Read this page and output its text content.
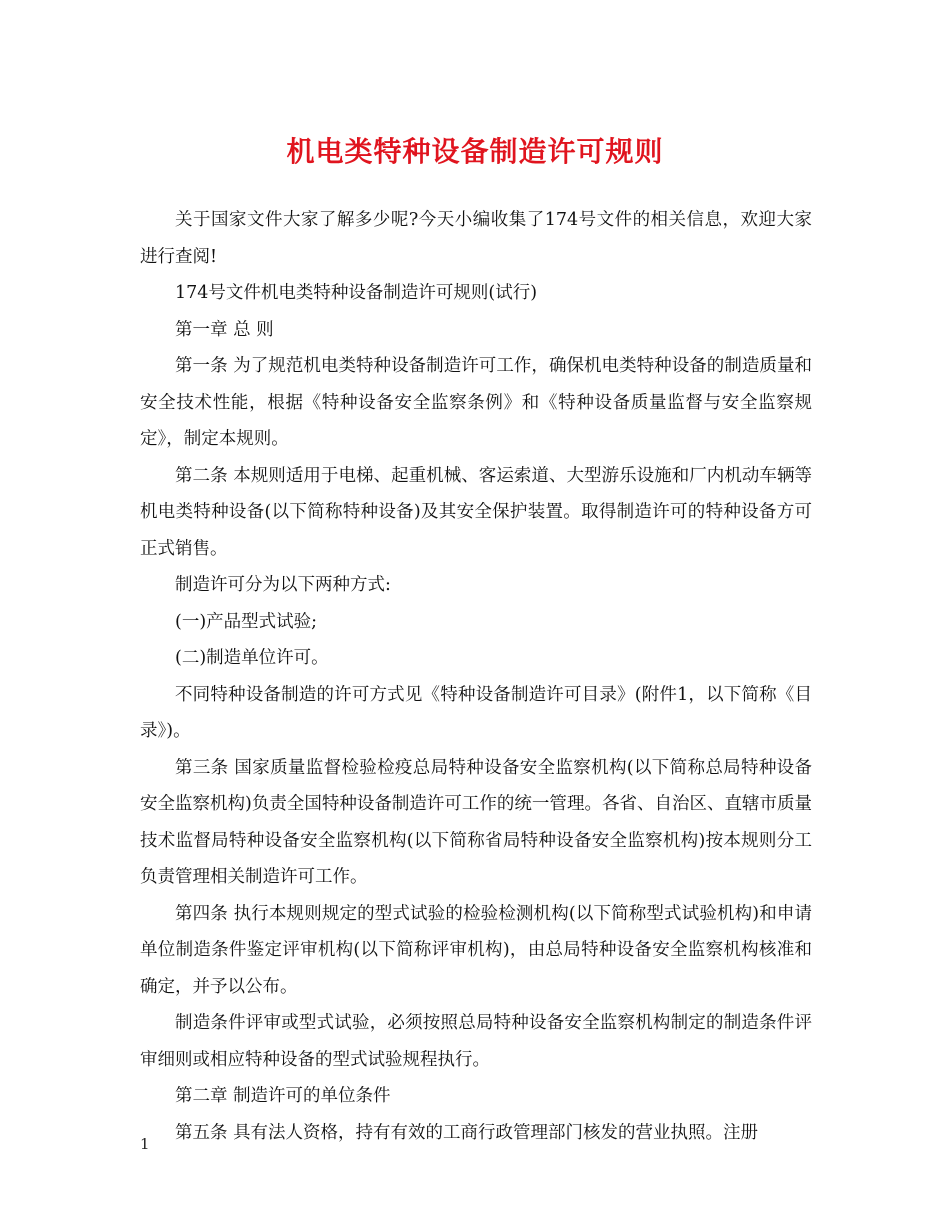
机电类特种设备制造许可规则

关于国家文件大家了解多少呢?今天小编收集了174号文件的相关信息，欢迎大家进行查阅!

174号文件机电类特种设备制造许可规则(试行)

第一章 总 则

第一条 为了规范机电类特种设备制造许可工作，确保机电类特种设备的制造质量和安全技术性能，根据《特种设备安全监察条例》和《特种设备质量监督与安全监察规定》，制定本规则。

第二条 本规则适用于电梯、起重机械、客运索道、大型游乐设施和厂内机动车辆等机电类特种设备(以下简称特种设备)及其安全保护装置。取得制造许可的特种设备方可正式销售。

制造许可分为以下两种方式:

(一)产品型式试验;

(二)制造单位许可。

不同特种设备制造的许可方式见《特种设备制造许可目录》(附件1，以下简称《目录》)。

第三条 国家质量监督检验检疫总局特种设备安全监察机构(以下简称总局特种设备安全监察机构)负责全国特种设备制造许可工作的统一管理。各省、自治区、直辖市质量技术监督局特种设备安全监察机构(以下简称省局特种设备安全监察机构)按本规则分工负责管理相关制造许可工作。

第四条 执行本规则规定的型式试验的检验检测机构(以下简称型式试验机构)和申请单位制造条件鉴定评审机构(以下简称评审机构)，由总局特种设备安全监察机构核准和确定，并予以公布。

制造条件评审或型式试验，必须按照总局特种设备安全监察机构制定的制造条件评审细则或相应特种设备的型式试验规程执行。

第二章 制造许可的单位条件

第五条 具有法人资格，持有有效的工商行政管理部门核发的营业执照。注册

1
